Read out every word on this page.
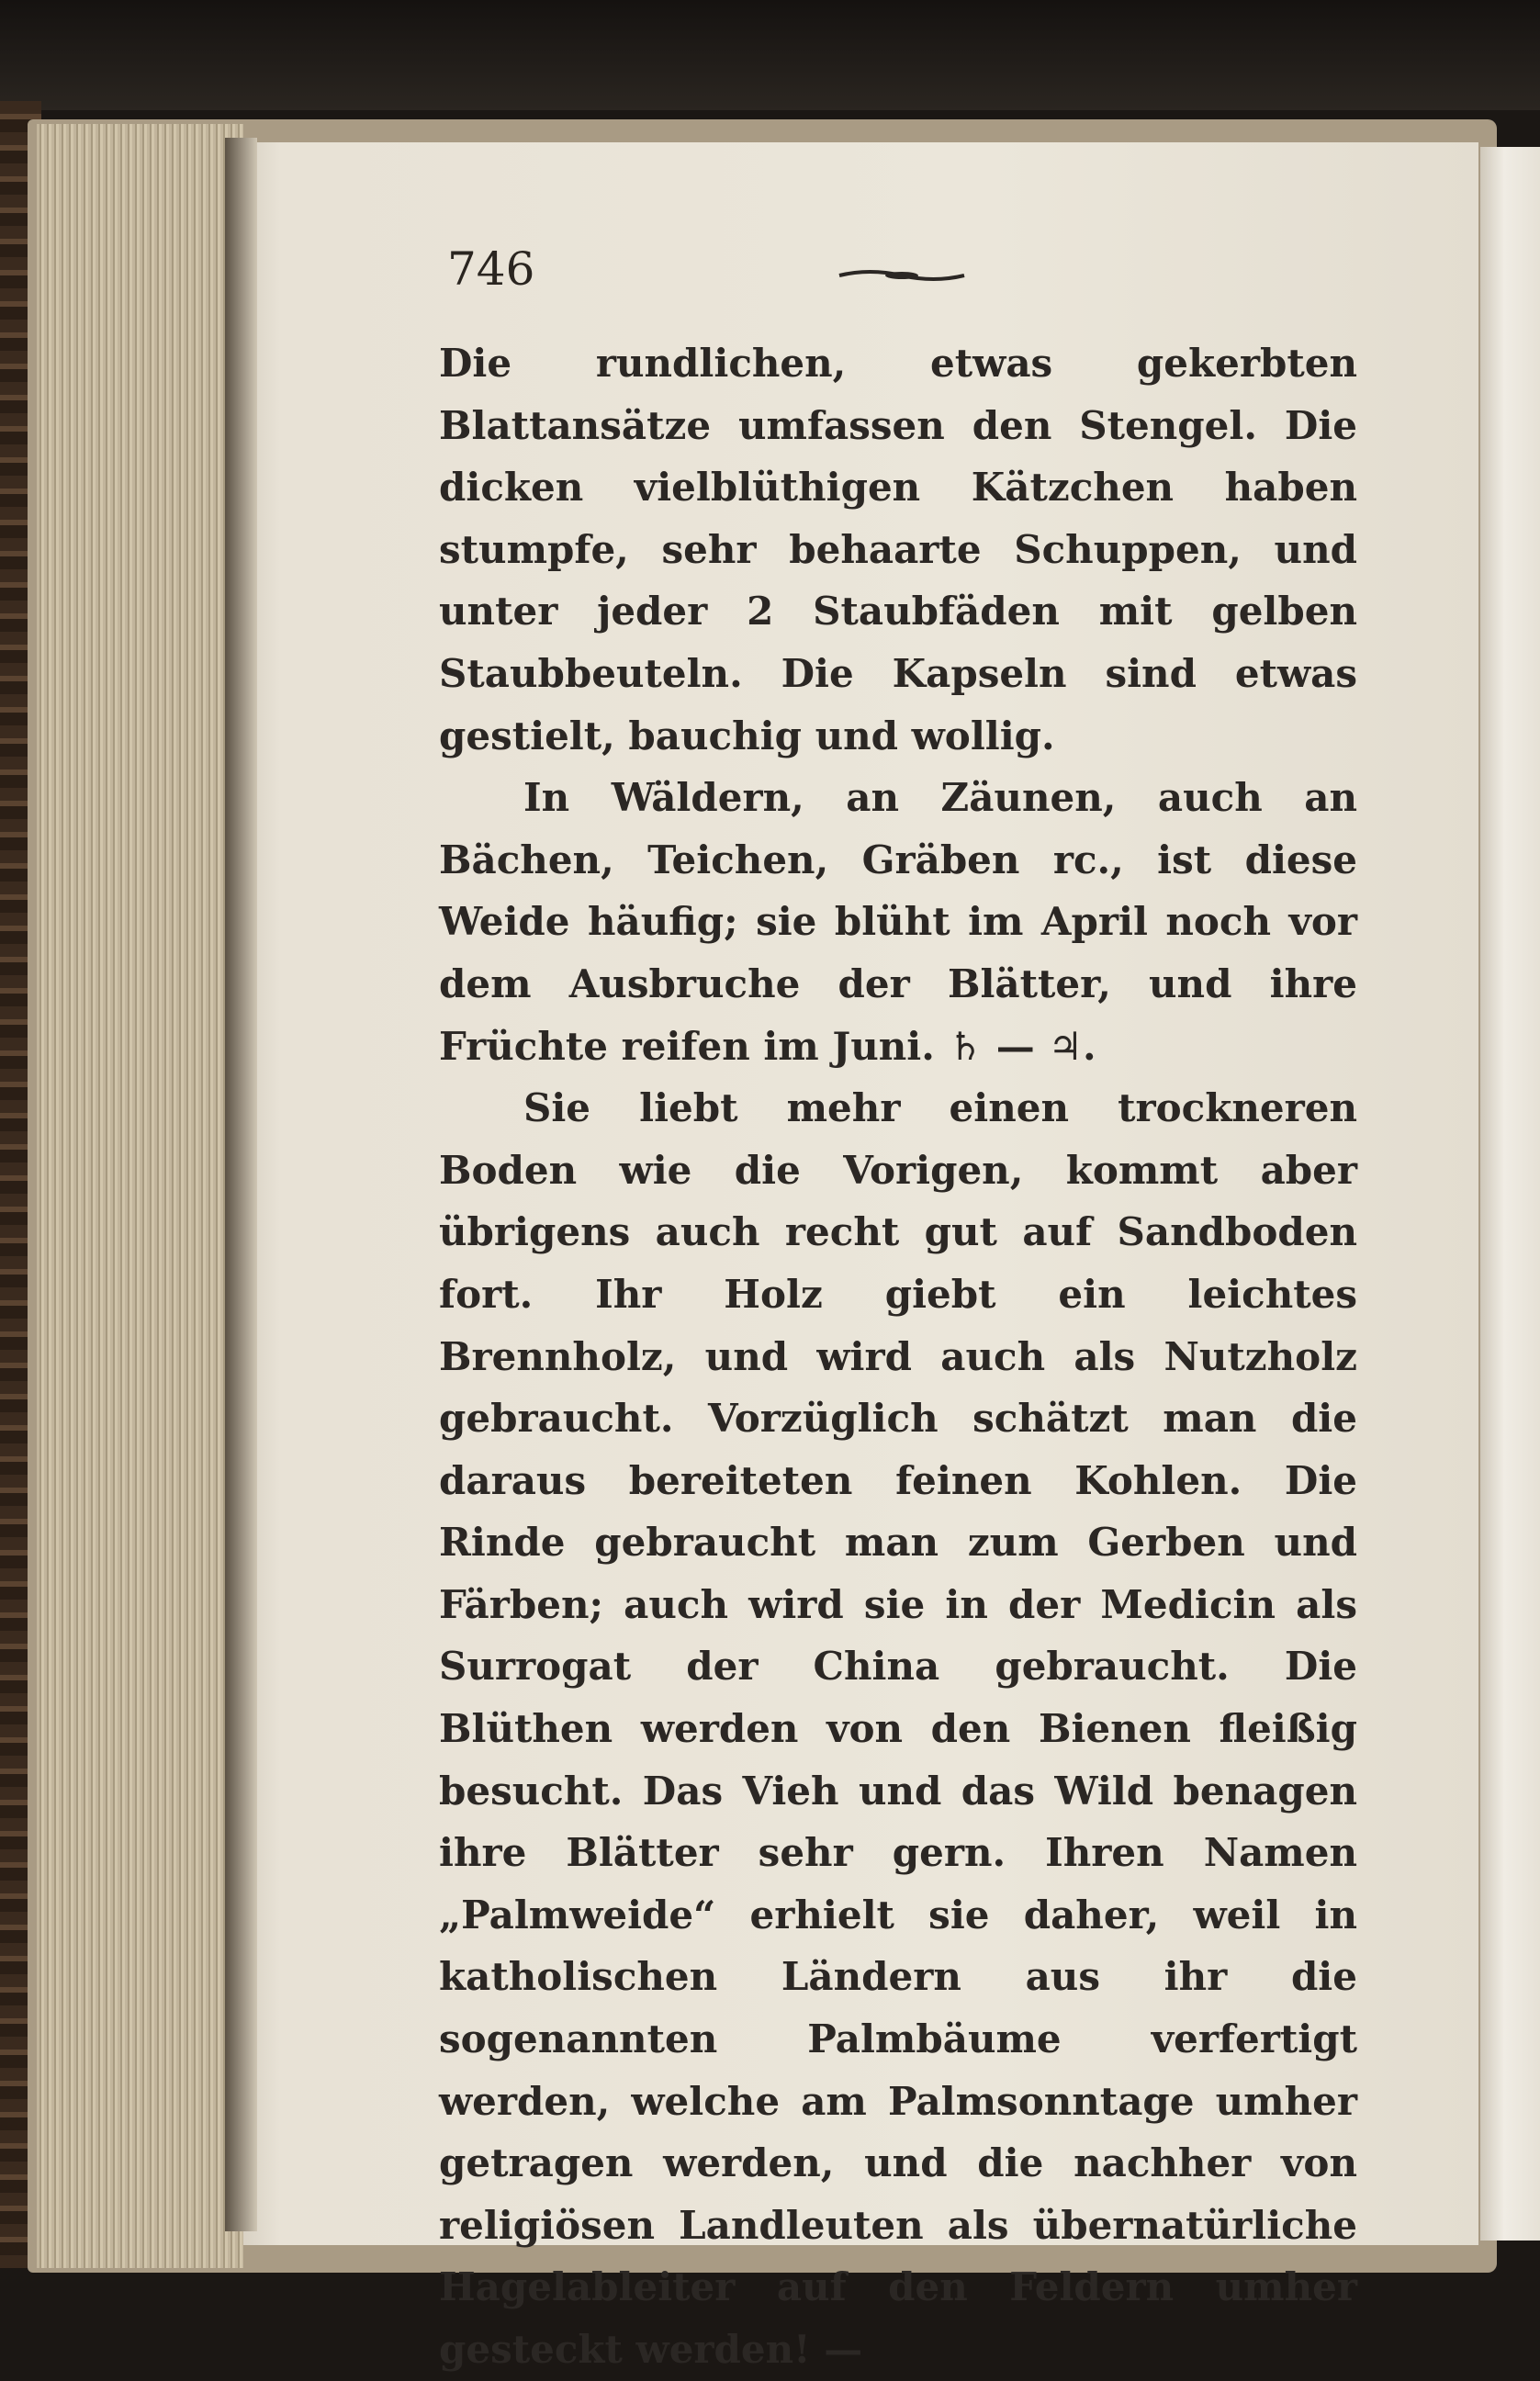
746

Die rundlichen, etwas gekerbten Blattansätze umfassen den Stengel. Die dicken vielblüthigen Kätzchen haben stumpfe, sehr behaarte Schuppen, und unter jeder 2 Staubfäden mit gelben Staubbeuteln. Die Kapseln sind etwas gestielt, bauchig und wollig.

In Wäldern, an Zäunen, auch an Bächen, Teichen, Gräben rc., ist diese Weide häufig; sie blüht im April noch vor dem Ausbruche der Blätter, und ihre Früchte reifen im Juni. ♄ — ♃.

Sie liebt mehr einen trockneren Boden wie die Vorigen, kommt aber übrigens auch recht gut auf Sandboden fort. Ihr Holz giebt ein leichtes Brennholz, und wird auch als Nutzholz gebraucht. Vorzüglich schätzt man die daraus bereiteten feinen Kohlen. Die Rinde gebraucht man zum Gerben und Färben; auch wird sie in der Medicin als Surrogat der China gebraucht. Die Blüthen werden von den Bienen fleißig besucht. Das Vieh und das Wild benagen ihre Blätter sehr gern. Ihren Namen „Palmweide“ erhielt sie daher, weil in katholischen Ländern aus ihr die sogenannten Palmbäume verfertigt werden, welche am Palmsonntage umher getragen werden, und die nachher von religiösen Landleuten als übernatürliche Hagelableiter auf den Feldern umher gesteckt werden! —
